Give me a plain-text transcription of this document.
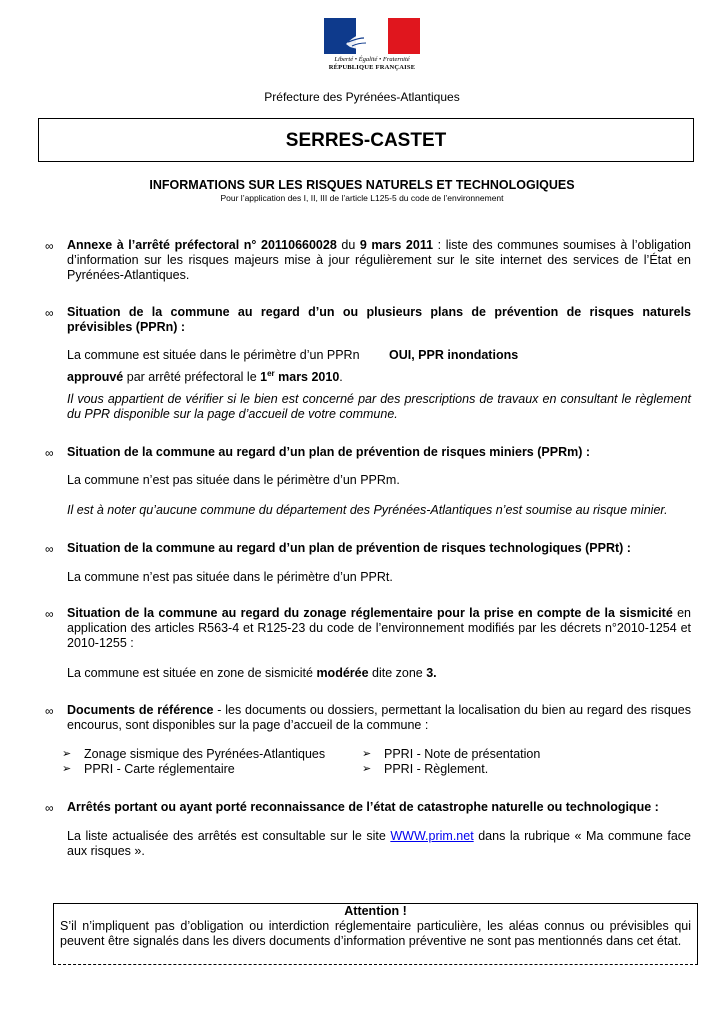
Liberté • Égalité • Fraternité
RÉPUBLIQUE FRANÇAISE
Préfecture des Pyrénées-Atlantiques
SERRES-CASTET
INFORMATIONS SUR LES RISQUES NATURELS ET TECHNOLOGIQUES
Pour l’application des I, II, III de l’article L125-5 du code de l’environnement
∞ Annexe à l’arrêté préfectoral n° 20110660028 du 9 mars 2011 : liste des communes soumises à l’obligation d’information sur les risques majeurs mise à jour régulièrement sur le site internet des services de l’État en Pyrénées-Atlantiques.

∞ Situation de la commune au regard d’un ou plusieurs plans de prévention de risques naturels prévisibles (PPRn) :

La commune est située dans le périmètre d’un PPRn OUI, PPR inondations
approuvé par arrêté préfectoral le 1er mars 2010.
Il vous appartient de vérifier si le bien est concerné par des prescriptions de travaux en consultant le règlement du PPR disponible sur la page d’accueil de votre commune.
∞ Situation de la commune au regard d’un plan de prévention de risques miniers (PPRm) :
La commune n’est pas située dans le périmètre d’un PPRm.
Il est à noter qu’aucune commune du département des Pyrénées-Atlantiques n’est soumise au risque minier.
∞ Situation de la commune au regard d’un plan de prévention de risques technologiques (PPRt) :
La commune n’est pas située dans le périmètre d’un PPRt.
∞ Situation de la commune au regard du zonage réglementaire pour la prise en compte de la sismicité en application des articles R563-4 et R125-23 du code de l’environnement modifiés par les décrets n°2010-1254 et 2010-1255 :

La commune est située en zone de sismicité modérée dite zone 3.
∞ Documents de référence - les documents ou dossiers, permettant la localisation du bien au regard des risques encourus, sont disponibles sur la page d’accueil de la commune :

➢	Zonage sismique des Pyrénées-Atlantiques	➢	PPRI - Note de présentation
➢	PPRI - Carte réglementaire	➢	PPRI - Règlement.
∞ Arrêtés portant ou ayant porté reconnaissance de l’état de catastrophe naturelle ou technologique :

La liste actualisée des arrêtés est consultable sur le site WWW.prim.net dans la rubrique « Ma commune face aux risques ».

Attention !
S’il n’impliquent pas d’obligation ou interdiction réglementaire particulière, les aléas connus ou prévisibles qui peuvent être signalés dans les divers documents d’information préventive ne sont pas mentionnés dans cet état.
